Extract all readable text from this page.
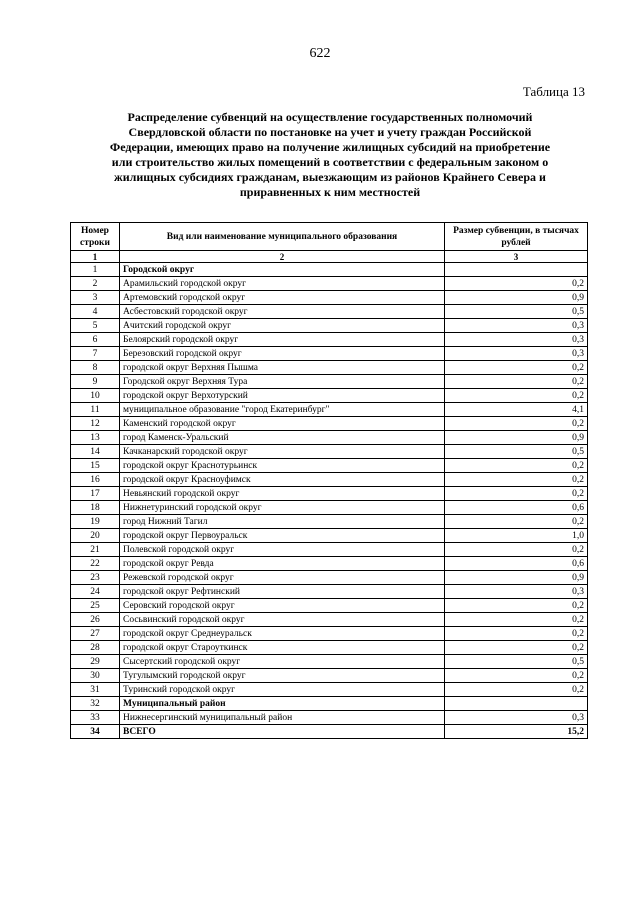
622
Таблица 13
Распределение субвенций на осуществление государственных полномочий
Свердловской области по постановке на учет и учету граждан Российской
Федерации, имеющих право на получение жилищных субсидий на приобретение
или строительство жилых помещений в соответствии с федеральным законом о
жилищных субсидиях гражданам, выезжающим из районов Крайнего Севера и
приравненных к ним местностей
Номер строки	Вид или наименование муниципального образования	Размер субвенции, в тысячах рублей
1	2	3
1	Городской округ	
2	Арамильский городской округ	0,2
3	Артемовский городской округ	0,9
4	Асбестовский городской округ	0,5
5	Ачитский городской округ	0,3
6	Белоярский городской округ	0,3
7	Березовский городской округ	0,3
8	городской округ Верхняя Пышма	0,2
9	Городской округ Верхняя Тура	0,2
10	городской округ Верхотурский	0,2
11	муниципальное образование "город Екатеринбург"	4,1
12	Каменский городской округ	0,2
13	город Каменск-Уральский	0,9
14	Качканарский городской округ	0,5
15	городской округ Краснотурьинск	0,2
16	городской округ Красноуфимск	0,2
17	Невьянский городской округ	0,2
18	Нижнетуринский городской округ	0,6
19	город Нижний Тагил	0,2
20	городской округ Первоуральск	1,0
21	Полевской городской округ	0,2
22	городской округ Ревда	0,6
23	Режевской городской округ	0,9
24	городской округ Рефтинский	0,3
25	Серовский городской округ	0,2
26	Сосьвинский городской округ	0,2
27	городской округ Среднеуральск	0,2
28	городской округ Староуткинск	0,2
29	Сысертский городской округ	0,5
30	Тугулымский городской округ	0,2
31	Туринский городской округ	0,2
32	Муниципальный район	
33	Нижнесергинский муниципальный район	0,3
34	ВСЕГО	15,2
